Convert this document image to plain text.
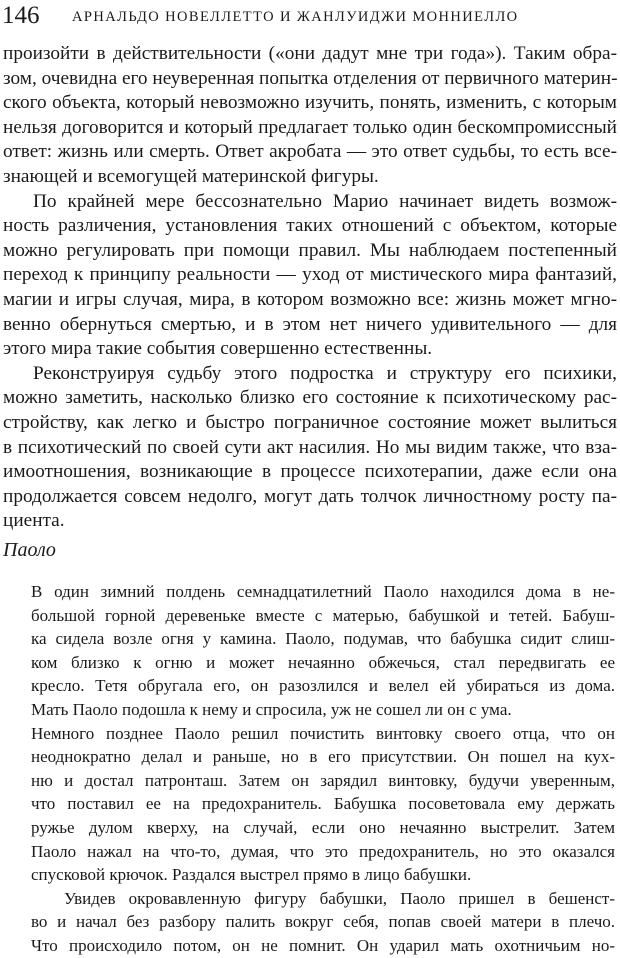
146 АРНАЛЬДО НОВЕЛЛЕТТО И ЖАНЛУИДЖИ МОННИЕЛЛО
произойти в действительности («они дадут мне три года»). Таким обра-
зом, очевидна его неуверенная попытка отделения от первичного материн-
ского объекта, который невозможно изучить, понять, изменить, с которым
нельзя договорится и который предлагает только один бескомпромиссный
ответ: жизнь или смерть. Ответ акробата — это ответ судьбы, то есть все-
знающей и всемогущей материнской фигуры.
По крайней мере бессознательно Марио начинает видеть возмож-
ность различения, установления таких отношений с объектом, которые
можно регулировать при помощи правил. Мы наблюдаем постепенный
переход к принципу реальности — уход от мистического мира фантазий,
магии и игры случая, мира, в котором возможно все: жизнь может мгно-
венно обернуться смертью, и в этом нет ничего удивительного — для
этого мира такие события совершенно естественны.
Реконструируя судьбу этого подростка и структуру его психики,
можно заметить, насколько близко его состояние к психотическому рас-
стройству, как легко и быстро пограничное состояние может вылиться
в психотический по своей сути акт насилия. Но мы видим также, что вза-
имоотношения, возникающие в процессе психотерапии, даже если она
продолжается совсем недолго, могут дать толчок личностному росту па-
циента.
Паоло
В один зимний полдень семнадцатилетний Паоло находился дома в не-
большой горной деревеньке вместе с матерью, бабушкой и тетей. Бабуш-
ка сидела возле огня у камина. Паоло, подумав, что бабушка сидит слиш-
ком близко к огню и может нечаянно обжечься, стал передвигать ее
кресло. Тетя обругала его, он разозлился и велел ей убираться из дома.
Мать Паоло подошла к нему и спросила, уж не сошел ли он с ума.
Немного позднее Паоло решил почистить винтовку своего отца, что он
неоднократно делал и раньше, но в его присутствии. Он пошел на кух-
ню и достал патронташ. Затем он зарядил винтовку, будучи уверенным,
что поставил ее на предохранитель. Бабушка посоветовала ему держать
ружье дулом кверху, на случай, если оно нечаянно выстрелит. Затем
Паоло нажал на что-то, думая, что это предохранитель, но это оказался
спусковой крючок. Раздался выстрел прямо в лицо бабушки.
Увидев окровавленную фигуру бабушки, Паоло пришел в бешенст-
во и начал без разбору палить вокруг себя, попав своей матери в плечо.
Что происходило потом, он не помнит. Он ударил мать охотничьим но-
